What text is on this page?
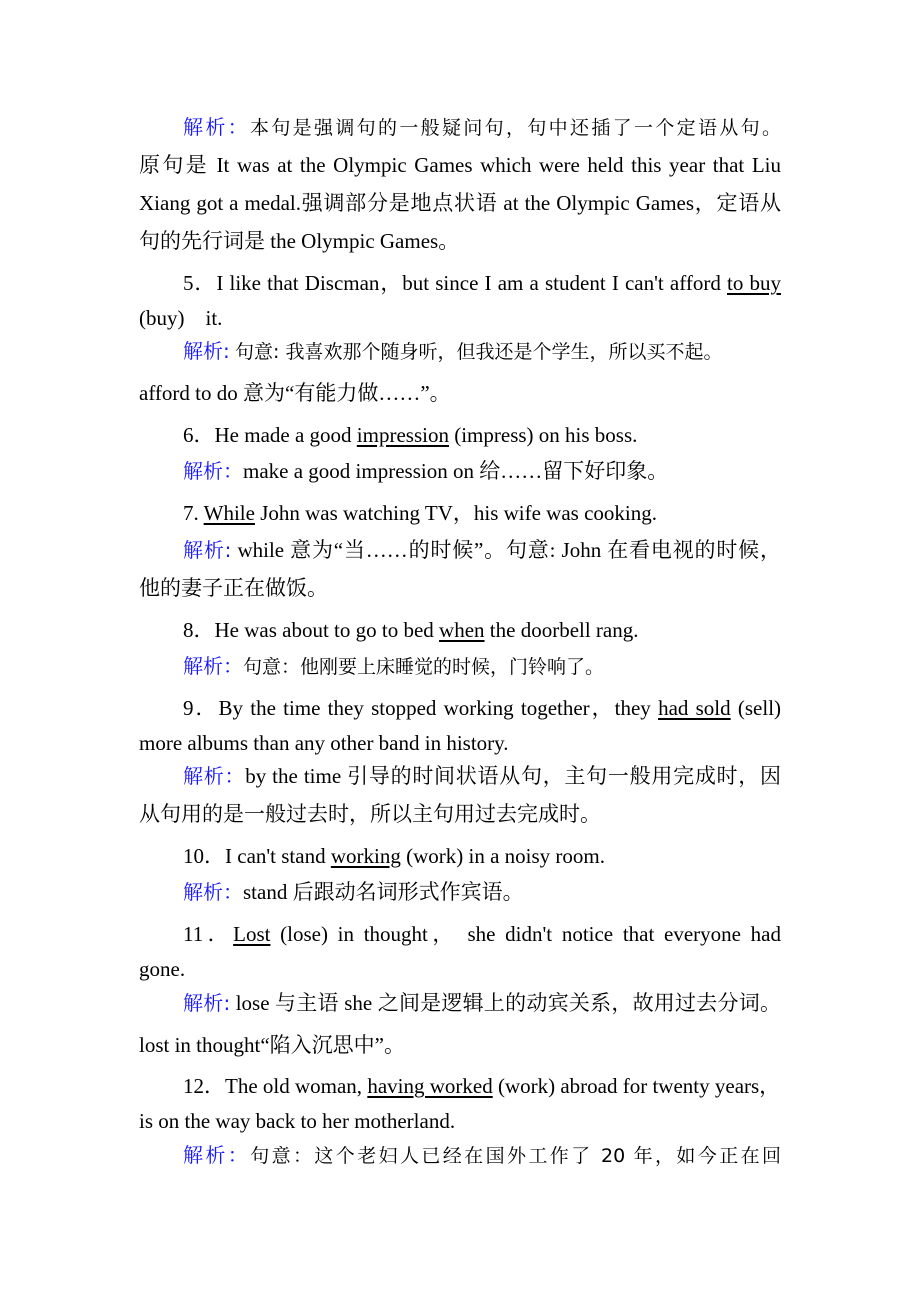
解析：本句是强调句的一般疑问句，句中还插了一个定语从句。
原句是 It was at the Olympic Games which were held this year that Liu
Xiang got a medal.强调部分是地点状语 at the Olympic Games，定语从
句的先行词是 the Olympic Games。
5．I like that Discman，but since I am a student I can't afford to buy
(buy)　it.
解析: 句意: 我喜欢那个随身听，但我还是个学生，所以买不起。
afford to do 意为“有能力做……”。
6．He made a good impression (impress) on his boss.
解析：make a good impression on 给……留下好印象。
7. While John was watching TV，his wife was cooking.
解析: while 意为“当……的时候”。句意: John 在看电视的时候，
他的妻子正在做饭。
8．He was about to go to bed when the doorbell rang.
解析：句意：他刚要上床睡觉的时候，门铃响了。
9．By the time they stopped working together，they had sold (sell)
more albums than any other band in history.
解析：by the time 引导的时间状语从句，主句一般用完成时，因
从句用的是一般过去时，所以主句用过去完成时。
10．I can't stand working (work) in a noisy room.
解析：stand 后跟动名词形式作宾语。
11．Lost (lose) in thought， she didn't notice that everyone had
gone.
解析: lose 与主语 she 之间是逻辑上的动宾关系，故用过去分词。
lost in thought“陷入沉思中”。
12．The old woman, having worked (work) abroad for twenty years，
is on the way back to her motherland.
解析：句意：这个老妇人已经在国外工作了 20 年，如今正在回
